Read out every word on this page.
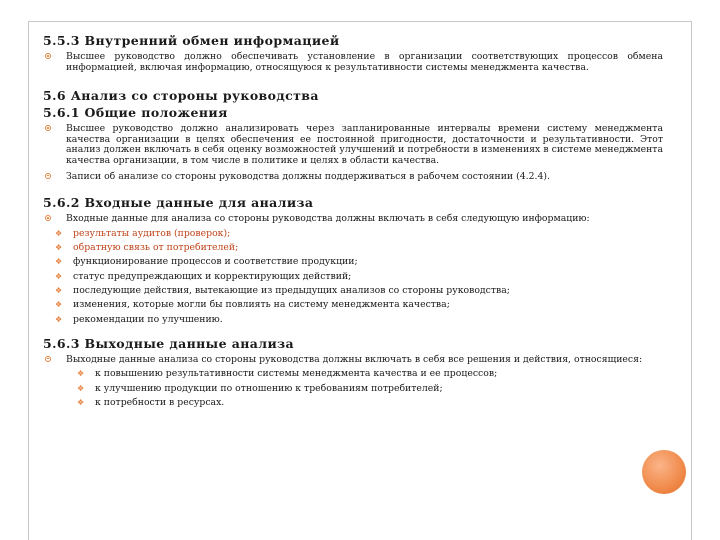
5.5.3 Внутренний обмен информацией
Высшее руководство должно обеспечивать установление в организации соответствующих процессов обмена информацией, включая информацию, относящуюся к результативности системы менеджмента качества.
5.6 Анализ со стороны руководства
5.6.1 Общие положения
Высшее руководство должно анализировать через запланированные интервалы времени систему менеджмента качества организации в целях обеспечения ее постоянной пригодности, достаточности и результативности. Этот анализ должен включать в себя оценку возможностей улучшений и потребности в изменениях в системе менеджмента качества организации, в том числе в политике и целях в области качества.
Записи об анализе со стороны руководства должны поддерживаться в рабочем состоянии (4.2.4).
5.6.2 Входные данные для анализа
Входные данные для анализа со стороны руководства должны включать в себя следующую информацию:
❖ результаты аудитов (проверок);
❖ обратную связь от потребителей;
❖ функционирование процессов и соответствие продукции;
❖ статус предупреждающих и корректирующих действий;
❖ последующие действия, вытекающие из предыдущих анализов со стороны руководства;
❖ изменения, которые могли бы повлиять на систему менеджмента качества;
❖ рекомендации по улучшению.
5.6.3 Выходные данные анализа
Выходные данные анализа со стороны руководства должны включать в себя все решения и действия, относящиеся:
❖ к повышению результативности системы менеджмента качества и ее процессов;
❖ к улучшению продукции по отношению к требованиям потребителей;
❖ к потребности в ресурсах.
